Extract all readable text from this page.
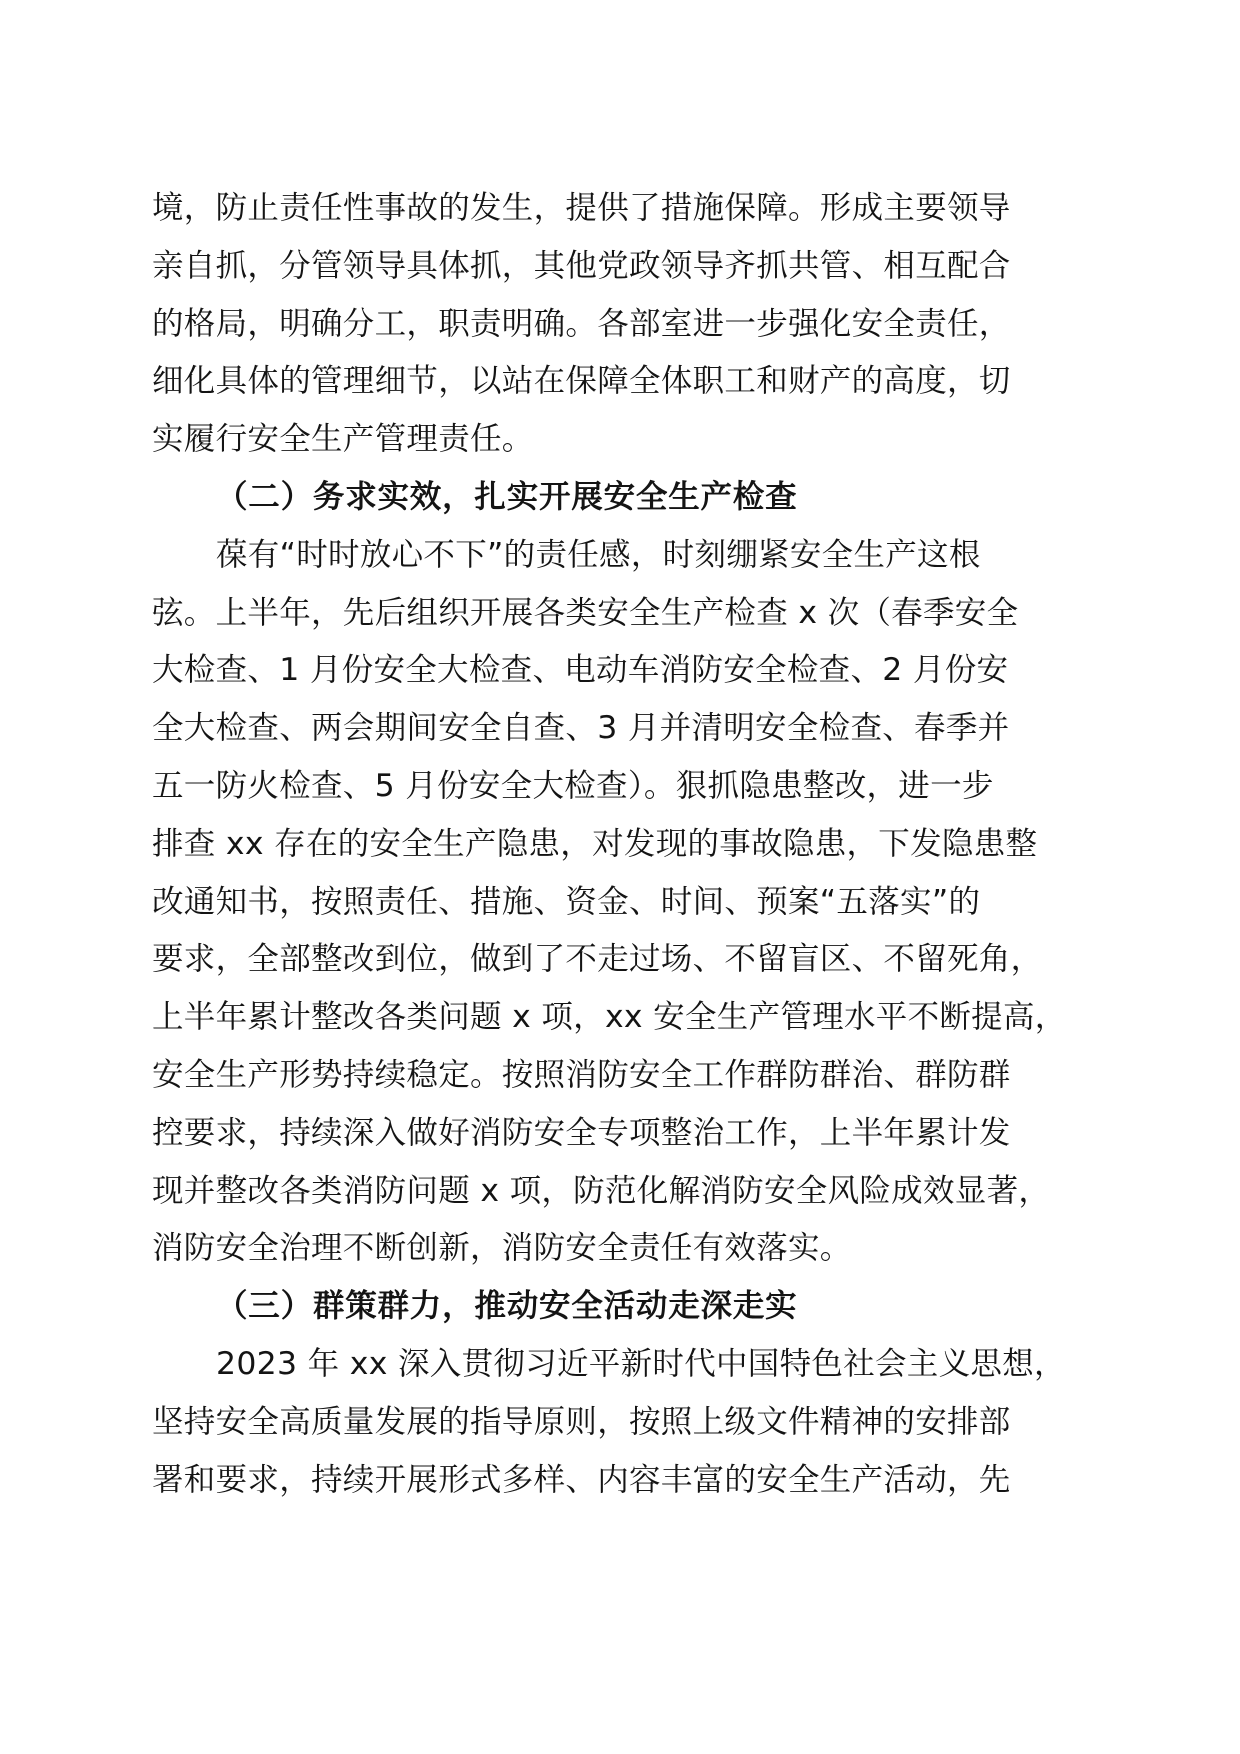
境，防止责任性事故的发生，提供了措施保障。形成主要领导
亲自抓，分管领导具体抓，其他党政领导齐抓共管、相互配合
的格局，明确分工，职责明确。各部室进一步强化安全责任，
细化具体的管理细节，以站在保障全体职工和财产的高度，切
实履行安全生产管理责任。
（二）务求实效，扎实开展安全生产检查
葆有“时时放心不下”的责任感，时刻绷紧安全生产这根
弦。上半年，先后组织开展各类安全生产检查 x 次（春季安全
大检查、1 月份安全大检查、电动车消防安全检查、2 月份安
全大检查、两会期间安全自查、3 月并清明安全检查、春季并
五一防火检查、5 月份安全大检查）。狠抓隐患整改，进一步
排查 xx 存在的安全生产隐患，对发现的事故隐患，下发隐患整
改通知书，按照责任、措施、资金、时间、预案“五落实”的
要求，全部整改到位，做到了不走过场、不留盲区、不留死角，
上半年累计整改各类问题 x 项，xx 安全生产管理水平不断提高，
安全生产形势持续稳定。按照消防安全工作群防群治、群防群
控要求，持续深入做好消防安全专项整治工作，上半年累计发
现并整改各类消防问题 x 项，防范化解消防安全风险成效显著，
消防安全治理不断创新，消防安全责任有效落实。
（三）群策群力，推动安全活动走深走实
2023 年 xx 深入贯彻习近平新时代中国特色社会主义思想，
坚持安全高质量发展的指导原则，按照上级文件精神的安排部
署和要求，持续开展形式多样、内容丰富的安全生产活动，先
